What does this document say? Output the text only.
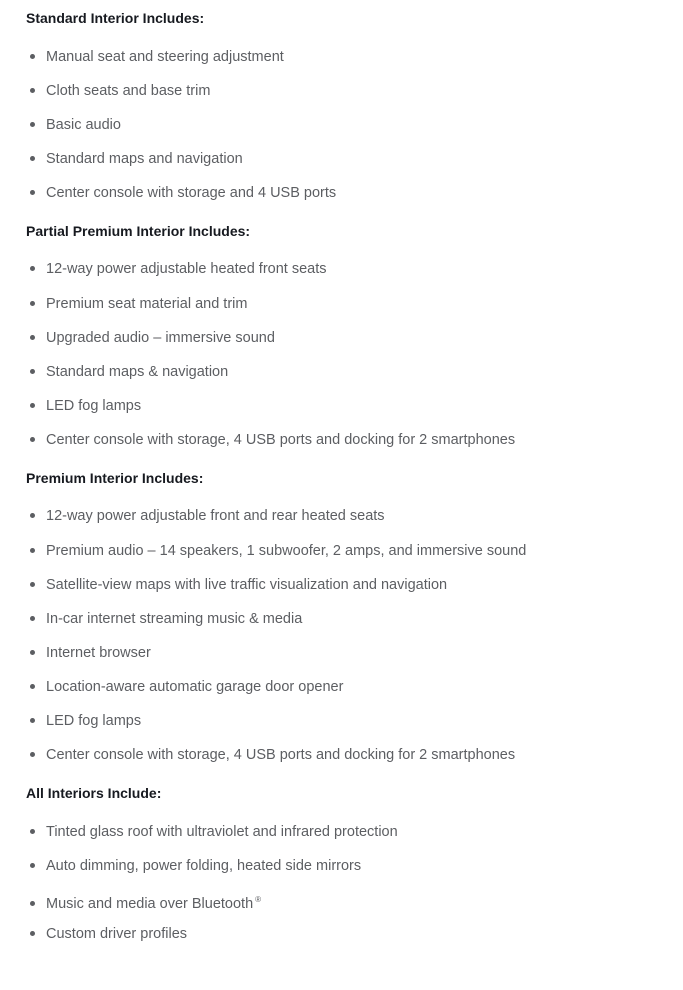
Standard Interior Includes:
Manual seat and steering adjustment
Cloth seats and base trim
Basic audio
Standard maps and navigation
Center console with storage and 4 USB ports
Partial Premium Interior Includes:
12-way power adjustable heated front seats
Premium seat material and trim
Upgraded audio – immersive sound
Standard maps & navigation
LED fog lamps
Center console with storage, 4 USB ports and docking for 2 smartphones
Premium Interior Includes:
12-way power adjustable front and rear heated seats
Premium audio – 14 speakers, 1 subwoofer, 2 amps, and immersive sound
Satellite-view maps with live traffic visualization and navigation
In-car internet streaming music & media
Internet browser
Location-aware automatic garage door opener
LED fog lamps
Center console with storage, 4 USB ports and docking for 2 smartphones
All Interiors Include:
Tinted glass roof with ultraviolet and infrared protection
Auto dimming, power folding, heated side mirrors
Music and media over Bluetooth ®
Custom driver profiles
